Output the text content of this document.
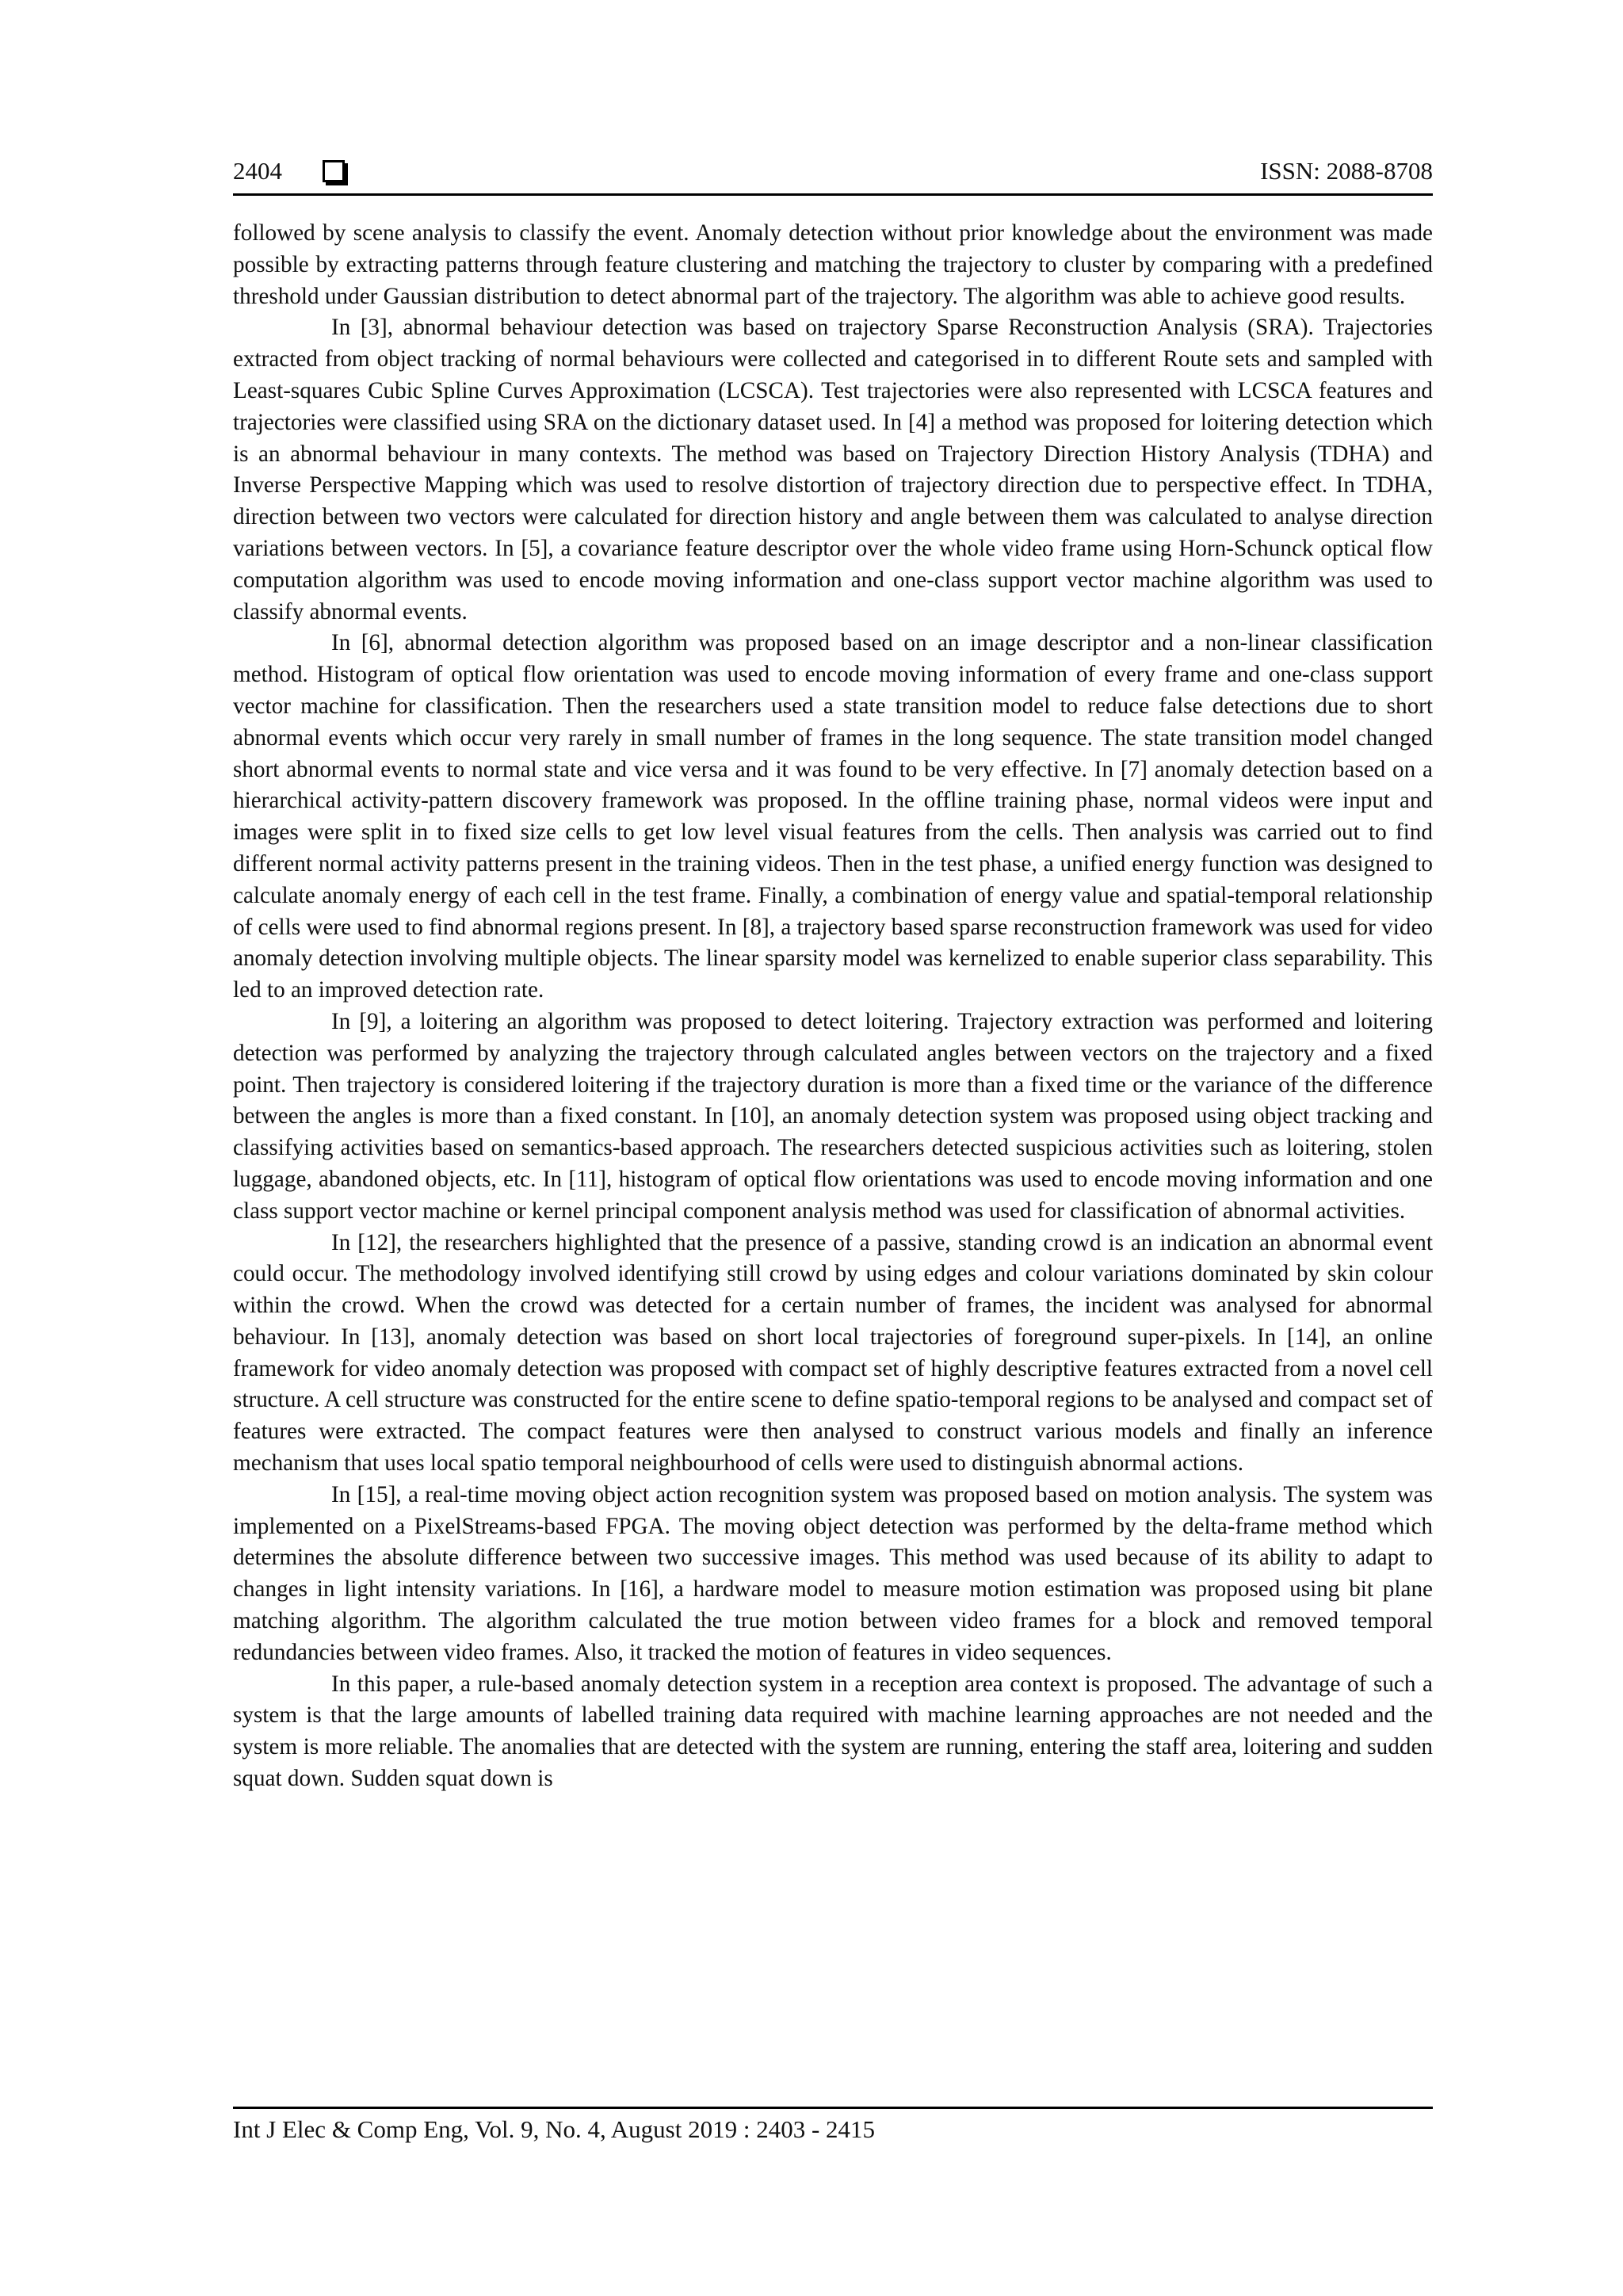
2404	ISSN: 2088-8708

followed by scene analysis to classify the event. Anomaly detection without prior knowledge about the environment was made possible by extracting patterns through feature clustering and matching the trajectory to cluster by comparing with a predefined threshold under Gaussian distribution to detect abnormal part of the trajectory. The algorithm was able to achieve good results.

In [3], abnormal behaviour detection was based on trajectory Sparse Reconstruction Analysis (SRA). Trajectories extracted from object tracking of normal behaviours were collected and categorised in to different Route sets and sampled with Least-squares Cubic Spline Curves Approximation (LCSCA). Test trajectories were also represented with LCSCA features and trajectories were classified using SRA on the dictionary dataset used. In [4] a method was proposed for loitering detection which is an abnormal behaviour in many contexts. The method was based on Trajectory Direction History Analysis (TDHA) and Inverse Perspective Mapping which was used to resolve distortion of trajectory direction due to perspective effect. In TDHA, direction between two vectors were calculated for direction history and angle between them was calculated to analyse direction variations between vectors. In [5], a covariance feature descriptor over the whole video frame using Horn-Schunck optical flow computation algorithm was used to encode moving information and one-class support vector machine algorithm was used to classify abnormal events.

In [6], abnormal detection algorithm was proposed based on an image descriptor and a non-linear classification method. Histogram of optical flow orientation was used to encode moving information of every frame and one-class support vector machine for classification. Then the researchers used a state transition model to reduce false detections due to short abnormal events which occur very rarely in small number of frames in the long sequence. The state transition model changed short abnormal events to normal state and vice versa and it was found to be very effective. In [7] anomaly detection based on a hierarchical activity-pattern discovery framework was proposed. In the offline training phase, normal videos were input and images were split in to fixed size cells to get low level visual features from the cells. Then analysis was carried out to find different normal activity patterns present in the training videos. Then in the test phase, a unified energy function was designed to calculate anomaly energy of each cell in the test frame. Finally, a combination of energy value and spatial-temporal relationship of cells were used to find abnormal regions present. In [8], a trajectory based sparse reconstruction framework was used for video anomaly detection involving multiple objects. The linear sparsity model was kernelized to enable superior class separability. This led to an improved detection rate.

In [9], a loitering an algorithm was proposed to detect loitering. Trajectory extraction was performed and loitering detection was performed by analyzing the trajectory through calculated angles between vectors on the trajectory and a fixed point. Then trajectory is considered loitering if the trajectory duration is more than a fixed time or the variance of the difference between the angles is more than a fixed constant. In [10], an anomaly detection system was proposed using object tracking and classifying activities based on semantics-based approach. The researchers detected suspicious activities such as loitering, stolen luggage, abandoned objects, etc. In [11], histogram of optical flow orientations was used to encode moving information and one class support vector machine or kernel principal component analysis method was used for classification of abnormal activities.

In [12], the researchers highlighted that the presence of a passive, standing crowd is an indication an abnormal event could occur. The methodology involved identifying still crowd by using edges and colour variations dominated by skin colour within the crowd. When the crowd was detected for a certain number of frames, the incident was analysed for abnormal behaviour. In [13], anomaly detection was based on short local trajectories of foreground super-pixels. In [14], an online framework for video anomaly detection was proposed with compact set of highly descriptive features extracted from a novel cell structure. A cell structure was constructed for the entire scene to define spatio-temporal regions to be analysed and compact set of features were extracted. The compact features were then analysed to construct various models and finally an inference mechanism that uses local spatio temporal neighbourhood of cells were used to distinguish abnormal actions.

In [15], a real-time moving object action recognition system was proposed based on motion analysis. The system was implemented on a PixelStreams-based FPGA. The moving object detection was performed by the delta-frame method which determines the absolute difference between two successive images. This method was used because of its ability to adapt to changes in light intensity variations. In [16], a hardware model to measure motion estimation was proposed using bit plane matching algorithm. The algorithm calculated the true motion between video frames for a block and removed temporal redundancies between video frames. Also, it tracked the motion of features in video sequences.

In this paper, a rule-based anomaly detection system in a reception area context is proposed. The advantage of such a system is that the large amounts of labelled training data required with machine learning approaches are not needed and the system is more reliable. The anomalies that are detected with the system are running, entering the staff area, loitering and sudden squat down. Sudden squat down is

Int J Elec & Comp Eng, Vol. 9, No. 4, August 2019 : 2403 - 2415
